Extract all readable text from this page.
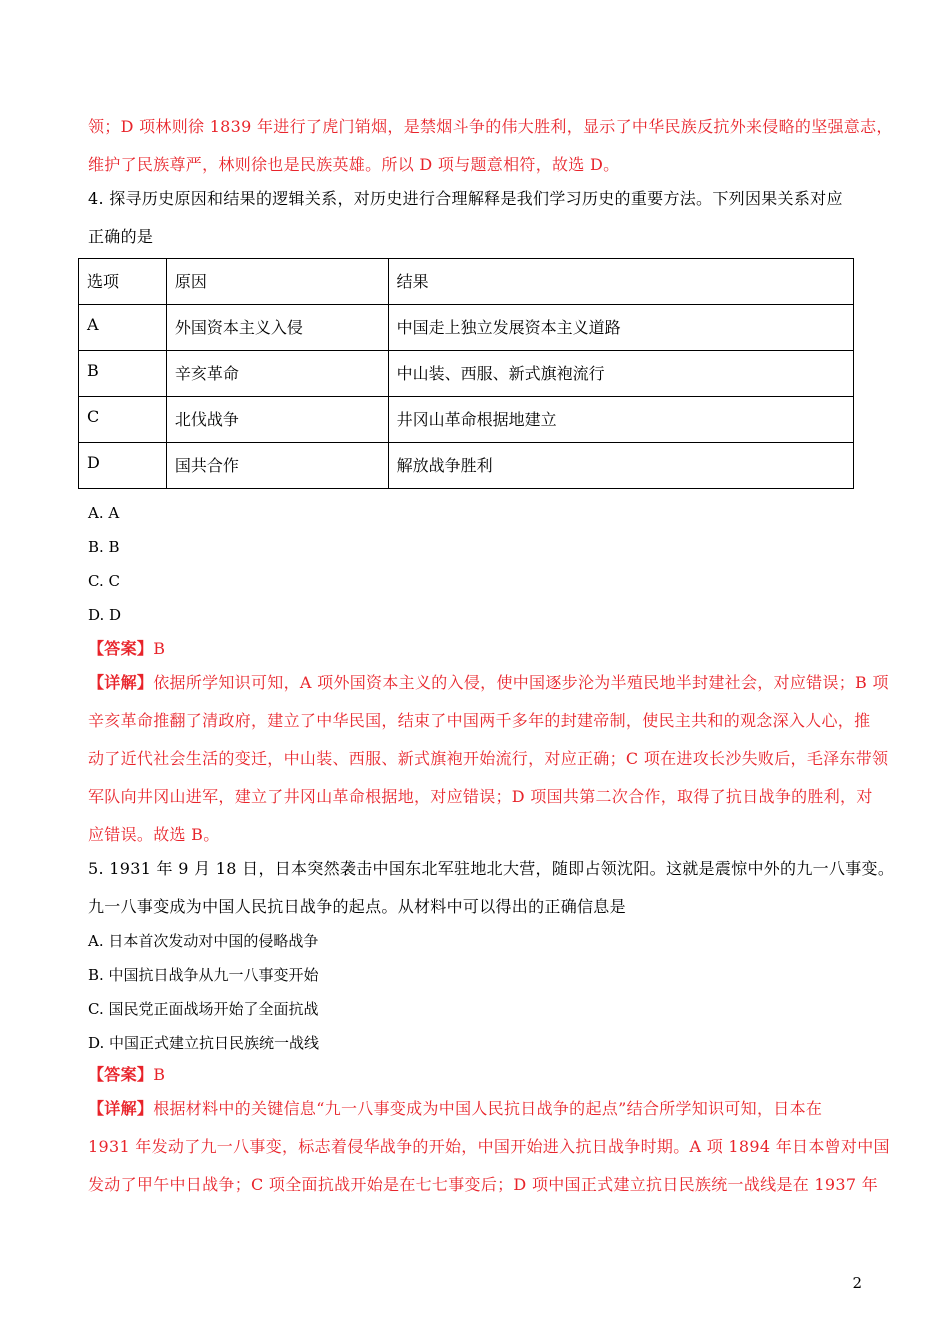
领；D 项林则徐 1839 年进行了虎门销烟，是禁烟斗争的伟大胜利，显示了中华民族反抗外来侵略的坚强意志，
维护了民族尊严，林则徐也是民族英雄。所以 D 项与题意相符，故选 D。
4. 探寻历史原因和结果的逻辑关系，对历史进行合理解释是我们学习历史的重要方法。下列因果关系对应
正确的是
选项	原因	结果
A	外国资本主义入侵	中国走上独立发展资本主义道路
B	辛亥革命	中山装、西服、新式旗袍流行
C	北伐战争	井冈山革命根据地建立
D	国共合作	解放战争胜利
A. A
B. B
C. C
D. D
【答案】B
【详解】依据所学知识可知，A 项外国资本主义的入侵，使中国逐步沦为半殖民地半封建社会，对应错误；B 项
辛亥革命推翻了清政府，建立了中华民国，结束了中国两千多年的封建帝制，使民主共和的观念深入人心，推
动了近代社会生活的变迁，中山装、西服、新式旗袍开始流行，对应正确；C 项在进攻长沙失败后，毛泽东带领
军队向井冈山进军，建立了井冈山革命根据地，对应错误；D 项国共第二次合作，取得了抗日战争的胜利，对
应错误。故选 B。
5. 1931 年 9 月 18 日，日本突然袭击中国东北军驻地北大营，随即占领沈阳。这就是震惊中外的九一八事变。
九一八事变成为中国人民抗日战争的起点。从材料中可以得出的正确信息是
A. 日本首次发动对中国的侵略战争
B. 中国抗日战争从九一八事变开始
C. 国民党正面战场开始了全面抗战
D. 中国正式建立抗日民族统一战线
【答案】B
【详解】根据材料中的关键信息“九一八事变成为中国人民抗日战争的起点”结合所学知识可知，日本在
1931 年发动了九一八事变，标志着侵华战争的开始，中国开始进入抗日战争时期。A 项 1894 年日本曾对中国
发动了甲午中日战争；C 项全面抗战开始是在七七事变后；D 项中国正式建立抗日民族统一战线是在 1937 年
2
